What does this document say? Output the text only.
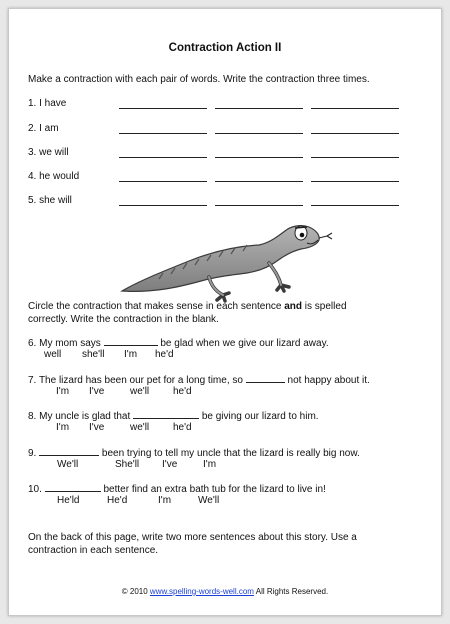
Contraction Action II
Make a contraction with each pair of words. Write the contraction three times.
1. I have
2. I am
3. we will
4. he would
5. she will
Circle the contraction that makes sense in each sentence and is spelled
correctly. Write the contraction in the blank.
6. My mom says	be glad when we give our lizard away.
well she'll I'm he'd
7. The lizard has been our pet for a long time, so	not happy about it.
I'm I've	we'll he'd
8. My uncle is glad that	be giving our lizard to him.
I'm I've	we'll he'd
9.	been trying to tell my uncle that the lizard is really big now.
We'll	She'll I've	I'm
10.	better find an extra bath tub for the lizard to live in!
He'ld	He'd	I'm	We'll
On the back of this page, write two more sentences about this story. Use a
contraction in each sentence.
© 2010 www.spelling-words-well.com All Rights Reserved.
